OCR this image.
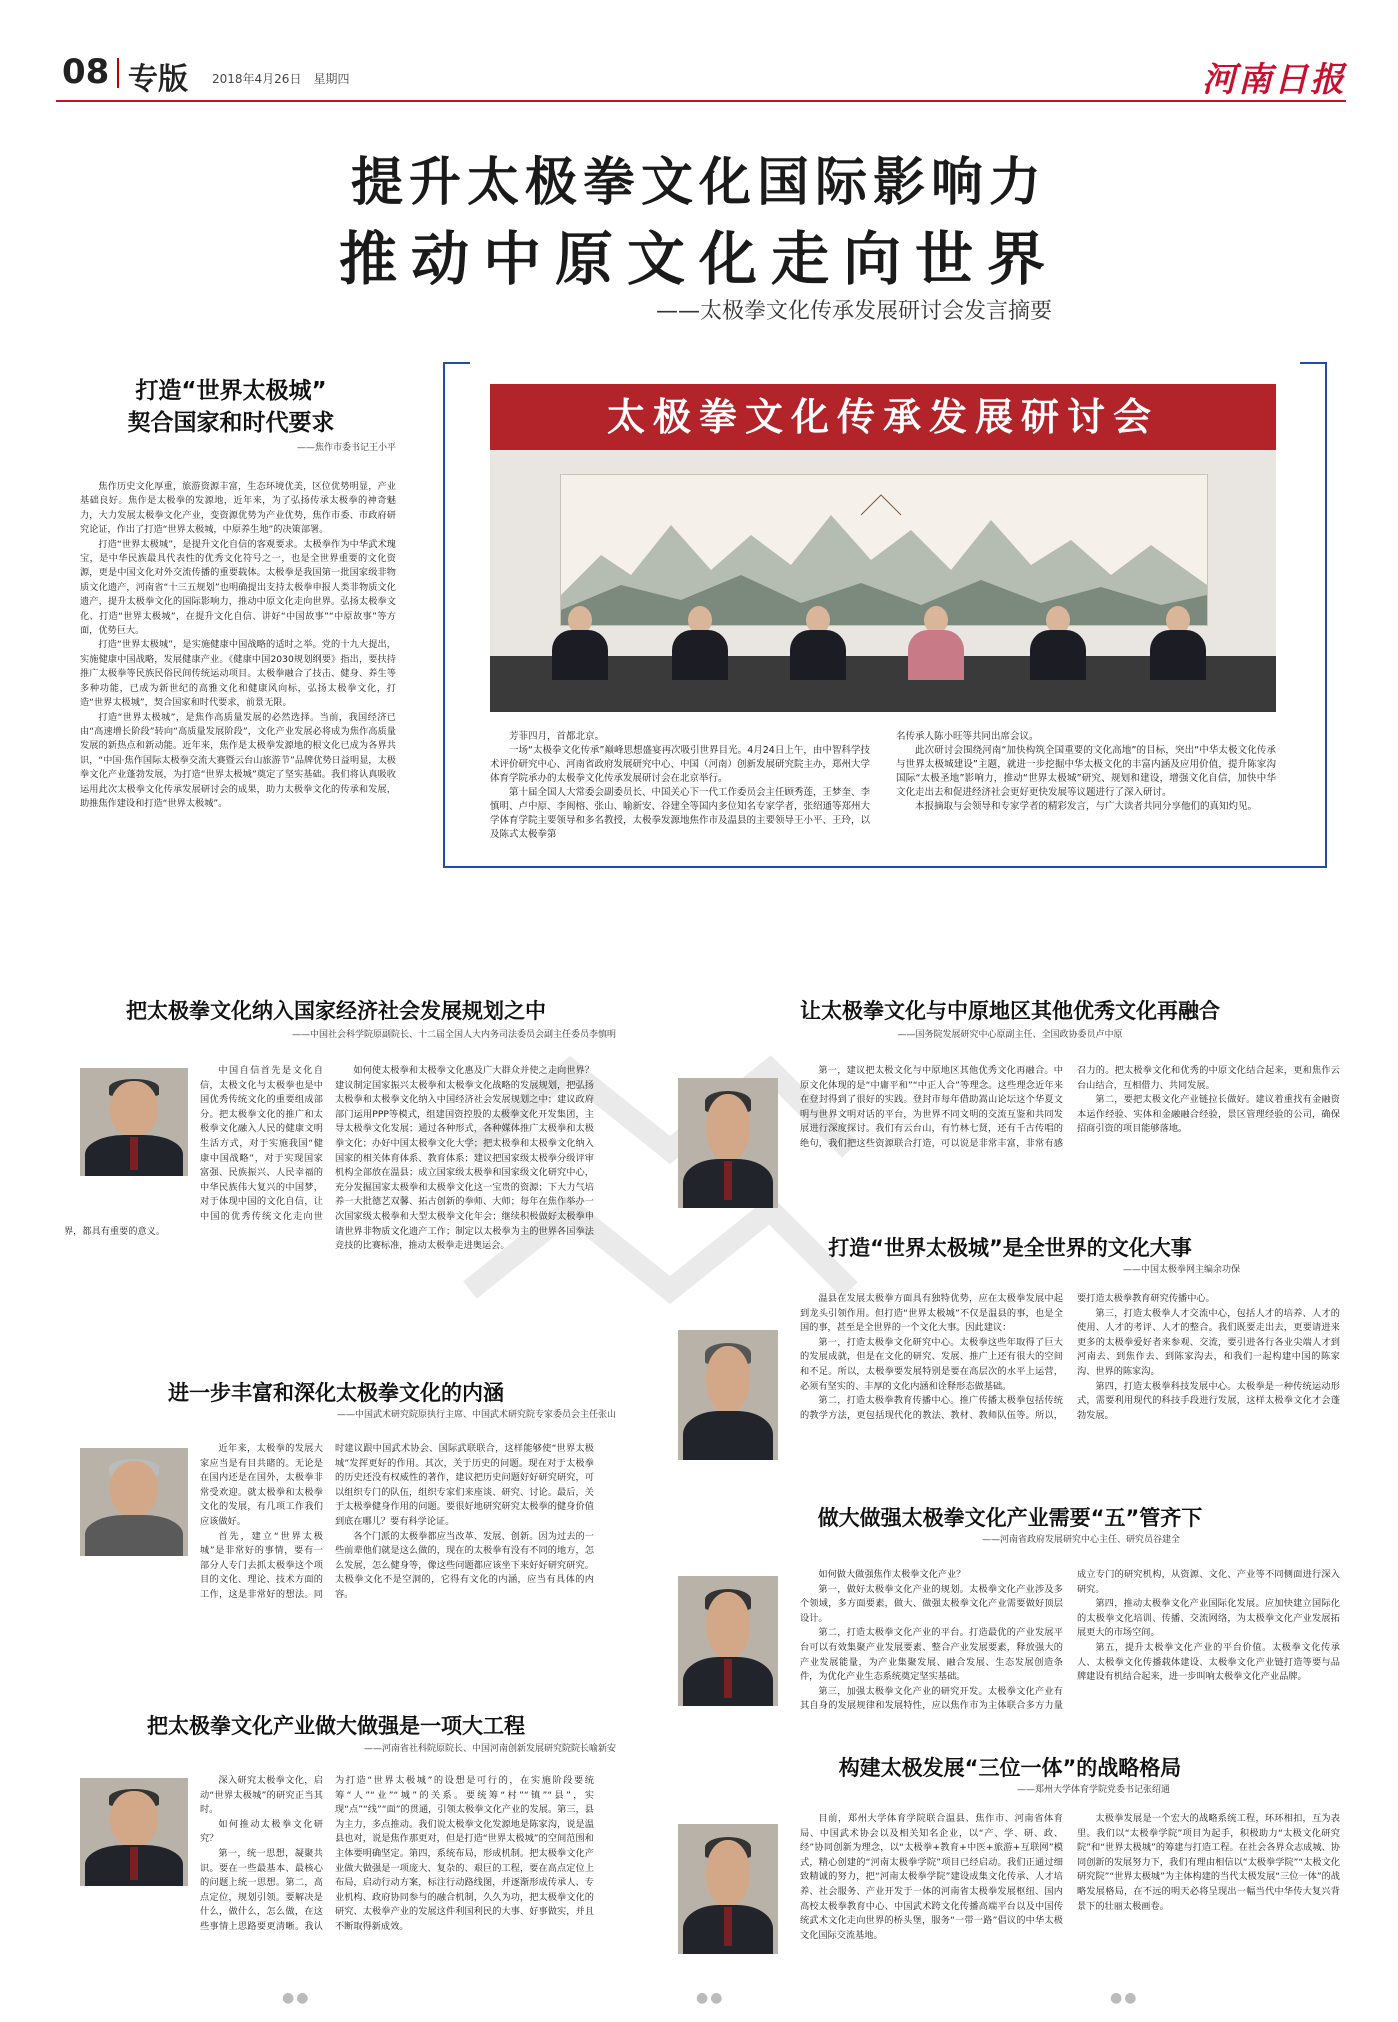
08 专版 2018年4月26日　星期四	河南日报
提升太极拳文化国际影响力
推动中原文化走向世界
——太极拳文化传承发展研讨会发言摘要
太极拳文化传承发展研讨会

芳菲四月，首都北京。

一场“太极拳文化传承”巅峰思想盛宴再次吸引世界目光。4月24日上午，由中智科学技术评价研究中心、河南省政府发展研究中心、中国（河南）创新发展研究院主办，郑州大学体育学院承办的太极拳文化传承发展研讨会在北京举行。

第十届全国人大常委会副委员长、中国关心下一代工作委员会主任顾秀莲，王梦奎、李慎明、卢中原、李闽榕、张山、喻新安、谷建全等国内多位知名专家学者，张绍通等郑州大学体育学院主要领导和多名教授，太极拳发源地焦作市及温县的主要领导王小平、王玲，以及陈式太极拳第

名传承人陈小旺等共同出席会议。

此次研讨会围绕河南“加快构筑全国重要的文化高地”的目标，突出“中华太极文化传承与世界太极城建设”主题，就进一步挖掘中华太极文化的丰富内涵及应用价值，提升陈家沟国际“太极圣地”影响力，推动“世界太极城”研究、规划和建设，增强文化自信，加快中华文化走出去和促进经济社会更好更快发展等议题进行了深入研讨。

本报摘取与会领导和专家学者的精彩发言，与广大读者共同分享他们的真知灼见。

打造“世界太极城”
契合国家和时代要求
——焦作市委书记王小平

焦作历史文化厚重，旅游资源丰富，生态环境优美，区位优势明显，产业基础良好。焦作是太极拳的发源地，近年来，为了弘扬传承太极拳的神奇魅力，大力发展太极拳文化产业，变资源优势为产业优势，焦作市委、市政府研究论证，作出了打造“世界太极城，中原养生地”的决策部署。

打造“世界太极城”，是提升文化自信的客观要求。太极拳作为中华武术瑰宝，是中华民族最具代表性的优秀文化符号之一，也是全世界重要的文化资源，更是中国文化对外交流传播的重要载体。太极拳是我国第一批国家级非物质文化遗产，河南省“十三五规划”也明确提出支持太极拳申报人类非物质文化遗产，提升太极拳文化的国际影响力，推动中原文化走向世界。弘扬太极拳文化、打造“世界太极城”，在提升文化自信、讲好“中国故事”“中原故事”等方面，优势巨大。

打造“世界太极城”，是实施健康中国战略的适时之举。党的十九大提出，实施健康中国战略，发展健康产业。《健康中国2030规划纲要》指出，要扶持推广太极拳等民族民俗民间传统运动项目。太极拳融合了技击、健身、养生等多种功能，已成为新世纪的高雅文化和健康风向标，弘扬太极拳文化，打造“世界太极城”，契合国家和时代要求，前景无限。

打造“世界太极城”，是焦作高质量发展的必然选择。当前，我国经济已由“高速增长阶段”转向“高质量发展阶段”，文化产业发展必将成为焦作高质量发展的新热点和新动能。近年来，焦作是太极拳发源地的根文化已成为各界共识，“中国·焦作国际太极拳交流大赛暨云台山旅游节”品牌优势日益明显，太极拳文化产业蓬勃发展，为打造“世界太极城”奠定了坚实基础。我们将认真吸收运用此次太极拳文化传承发展研讨会的成果，助力太极拳文化的传承和发展，助推焦作建设和打造“世界太极城”。

把太极拳文化纳入国家经济社会发展规划之中
——中国社会科学院原副院长、十二届全国人大内务司法委员会副主任委员李慎明

中国自信首先是文化自信，太极文化与太极拳也是中国优秀传统文化的重要组成部分。把太极拳文化的推广和太极拳文化融入人民的健康文明生活方式，对于实施我国“健康中国战略”，对于实现国家富强、民族振兴、人民幸福的中华民族伟大复兴的中国梦，对于体现中国的文化自信，让中国的优秀传统文化走向世界，都具有重要的意义。

如何使太极拳和太极拳文化惠及广大群众并使之走向世界？建议制定国家振兴太极拳和太极拳文化战略的发展规划，把弘扬太极拳和太极拳文化纳入中国经济社会发展规划之中；建议政府部门运用PPP等模式，组建国资控股的太极拳文化开发集团，主导太极拳文化发展；通过各种形式，各种媒体推广太极拳和太极拳文化；办好中国太极拳文化大学；把太极拳和太极拳文化纳入国家的相关体育体系、教育体系；建议把国家级太极拳分级评审机构全部放在温县；成立国家级太极拳和国家级文化研究中心，充分发掘国家太极拳和太极拳文化这一宝贵的资源；下大力气培养一大批德艺双馨、拓古创新的拳师、大师；每年在焦作举办一次国家级太极拳和大型太极拳文化年会；继续积极做好太极拳申请世界非物质文化遗产工作；制定以太极拳为主的世界各国拳法竞技的比赛标准，推动太极拳走进奥运会。

进一步丰富和深化太极拳文化的内涵
——中国武术研究院原执行主席、中国武术研究院专家委员会主任张山

近年来，太极拳的发展大家应当是有目共睹的。无论是在国内还是在国外，太极拳非常受欢迎。就太极拳和太极拳文化的发展，有几项工作我们应该做好。

首先，建立“世界太极城”是非常好的事情，要有一部分人专门去抓太极拳这个项目的文化、理论、技术方面的工作，这是非常好的想法。同时建议跟中国武术协会、国际武联联合，这样能够使“世界太极城”发挥更好的作用。其次，关于历史的问题。现在对于太极拳的历史还没有权威性的著作，建议把历史问题好好研究研究，可以组织专门的队伍，组织专家们来座谈、研究、讨论。最后，关于太极拳健身作用的问题。要很好地研究研究太极拳的健身价值到底在哪儿？要有科学论证。

各个门派的太极拳都应当改革、发展、创新。因为过去的一些前辈他们就是这么做的，现在的太极拳有没有不同的地方，怎么发展，怎么健身等，像这些问题都应该坐下来好好研究研究。太极拳文化不是空洞的，它得有文化的内涵，应当有具体的内容。

把太极拳文化产业做大做强是一项大工程
——河南省社科院原院长、中国河南创新发展研究院院长喻新安

深入研究太极拳文化，启动“世界太极城”的研究正当其时。

如何推动太极拳文化研究？

第一，统一思想，凝聚共识。要在一些最基本、最核心的问题上统一思想。第二，高点定位，规划引领。要解决是什么，做什么，怎么做，在这些事情上思路要更清晰。我认为打造“世界太极城”的设想是可行的，在实施阶段要统筹“人”“业”“城”的关系。要统筹“村”“镇”“县”，实现“点”“线”“面”的贯通，引领太极拳文化产业的发展。第三，县为主力，多点推动。我们说太极拳文化发源地是陈家沟，说是温县也对，说是焦作那更对，但是打造“世界太极城”的空间范围和主体要明确坚定。第四，系统布局，形成机制。把太极拳文化产业做大做强是一项庞大、复杂的、艰巨的工程，要在高点定位上布局，启动行动方案，标注行动路线图，并逐渐形成传承人、专业机构、政府协同参与的融合机制，久久为功，把太极拳文化的研究、太极拳产业的发展这件利国利民的大事、好事做实，并且不断取得新成效。

让太极拳文化与中原地区其他优秀文化再融合
——国务院发展研究中心原副主任、全国政协委员卢中原

第一，建议把太极文化与中原地区其他优秀文化再融合。中原文化体现的是“中庸平和”“中正人合”等理念。这些理念近年来在登封得到了很好的实践。登封市每年借助嵩山论坛这个华夏文明与世界文明对话的平台，为世界不同文明的交流互鉴和共同发展进行深度探讨。我们有云台山，有竹林七贤，还有千古传唱的绝句，我们把这些资源联合打造，可以说是非常丰富，非常有感召力的。把太极拳文化和优秀的中原文化结合起来，更和焦作云台山结合，互相借力、共同发展。

第二，要把太极文化产业链拉长做好。建议着重找有金融资本运作经验、实体和金融融合经验，景区管理经验的公司，确保招商引资的项目能够落地。

打造“世界太极城”是全世界的文化大事
——中国太极拳网主编余功保

温县在发展太极拳方面具有独特优势，应在太极拳发展中起到龙头引领作用。但打造“世界太极城”不仅是温县的事，也是全国的事，甚至是全世界的一个文化大事。因此建议：

第一，打造太极拳文化研究中心。太极拳这些年取得了巨大的发展成就，但是在文化的研究、发展、推广上还有很大的空间和不足。所以，太极拳要发展特别是要在高层次的水平上运营，必须有坚实的、丰厚的文化内涵和诠释形态做基础。

第二，打造太极拳教育传播中心。推广传播太极拳包括传统的教学方法，更包括现代化的教法、教材、教师队伍等。所以，要打造太极拳教育研究传播中心。

第三，打造太极拳人才交流中心，包括人才的培养、人才的使用、人才的考评、人才的整合。我们既要走出去，更要请进来更多的太极拳爱好者来参观、交流，要引进各行各业尖端人才到河南去、到焦作去、到陈家沟去，和我们一起构建中国的陈家沟、世界的陈家沟。

第四，打造太极拳科技发展中心。太极拳是一种传统运动形式，需要利用现代的科技手段进行发展，这样太极拳文化才会蓬勃发展。

做大做强太极拳文化产业需要“五”管齐下
——河南省政府发展研究中心主任、研究员谷建全

如何做大做强焦作太极拳文化产业？

第一，做好太极拳文化产业的规划。太极拳文化产业涉及多个领域，多方面要素，做大、做强太极拳文化产业需要做好顶层设计。

第二，打造太极拳文化产业的平台。打造最优的产业发展平台可以有效集聚产业发展要素、整合产业发展要素，释放强大的产业发展能量，为产业集聚发展、融合发展、生态发展创造条件，为优化产业生态系统奠定坚实基础。

第三，加强太极拳文化产业的研究开发。太极拳文化产业有其自身的发展规律和发展特性，应以焦作市为主体联合多方力量成立专门的研究机构，从资源、文化、产业等不同侧面进行深入研究。

第四，推动太极拳文化产业国际化发展。应加快建立国际化的太极拳文化培训、传播、交流网络，为太极拳文化产业发展拓展更大的市场空间。

第五，提升太极拳文化产业的平台价值。太极拳文化传承人、太极拳文化传播载体建设、太极拳文化产业链打造等要与品牌建设有机结合起来，进一步叫响太极拳文化产业品牌。

构建太极发展“三位一体”的战略格局
——郑州大学体育学院党委书记张绍通

目前，郑州大学体育学院联合温县、焦作市、河南省体育局、中国武术协会以及相关知名企业，以“产、学、研、政、经”协同创新为理念，以“太极拳+教育+中医+旅游+互联网”模式，精心创建的“河南太极拳学院”项目已经启动。我们正通过细致精诚的努力，把“河南太极拳学院”建设成集文化传承、人才培养、社会服务、产业开发于一体的河南省太极拳发展枢纽、国内高校太极拳教育中心、中国武术跨文化传播高端平台以及中国传统武术文化走向世界的桥头堡，服务“一带一路”倡议的中华太极文化国际交流基地。

太极拳发展是一个宏大的战略系统工程，环环相扣，互为表里。我们以“太极拳学院”项目为起手，积极助力“太极文化研究院”和“世界太极城”的筹建与打造工程。在社会各界众志成城、协同创新的发展努力下，我们有理由相信以“太极拳学院”“太极文化研究院”“世界太极城”为主体构建的当代太极发展“三位一体”的战略发展格局，在不远的明天必将呈现出一幅当代中华传大复兴背景下的壮丽太极画卷。

●●	●●	●●
